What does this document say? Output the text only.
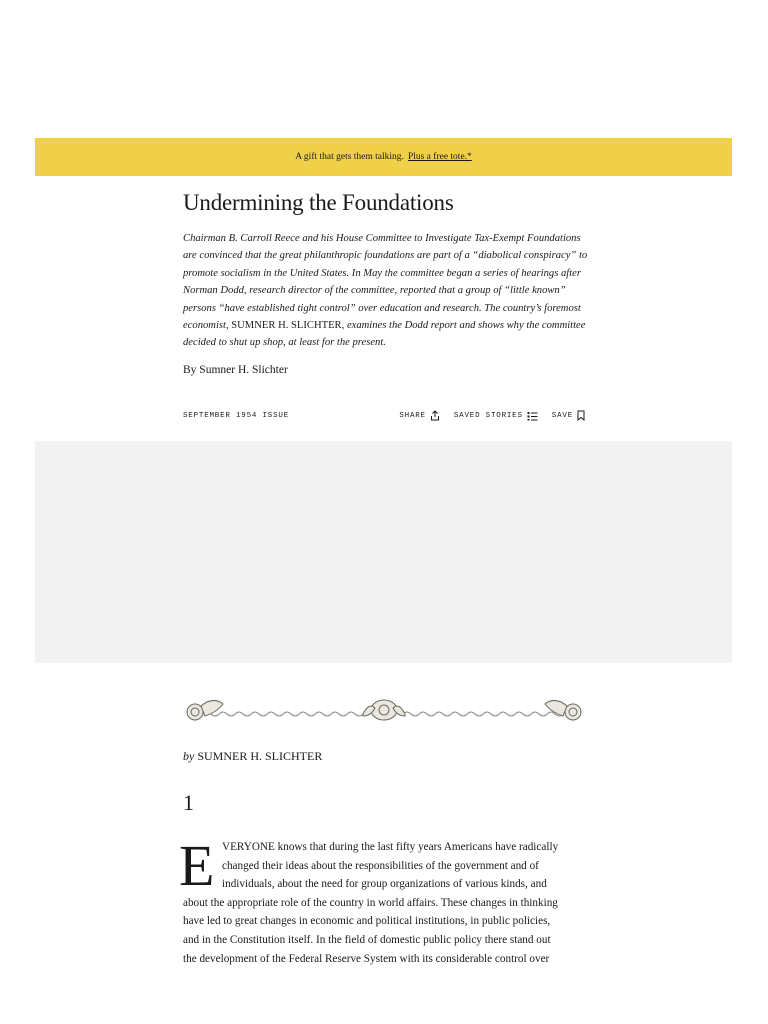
A gift that gets them talking. Plus a free tote.*
Undermining the Foundations

Chairman B. Carroll Reece and his House Committee to Investigate Tax-Exempt Foundations are convinced that the great philanthropic foundations are part of a “diabolical conspiracy” to promote socialism in the United States. In May the committee began a series of hearings after Norman Dodd, research director of the committee, reported that a group of “little known” persons “have established tight control” over education and research. The country’s foremost economist, SUMNER H. SLICHTER, examines the Dodd report and shows why the committee decided to shut up shop, at least for the present.

By Sumner H. Slichter
SEPTEMBER 1954 ISSUE	SHARE	SAVED STORIES	SAVE
by SUMNER H. SLICHTER
1
E VERYONE knows that during the last fifty years Americans have radically
changed their ideas about the responsibilities of the government and of
individuals, about the need for group organizations of various kinds, and
about the appropriate role of the country in world affairs. These changes in thinking
have led to great changes in economic and political institutions, in public policies,
and in the Constitution itself. In the field of domestic public policy there stand out
the development of the Federal Reserve System with its considerable control over
